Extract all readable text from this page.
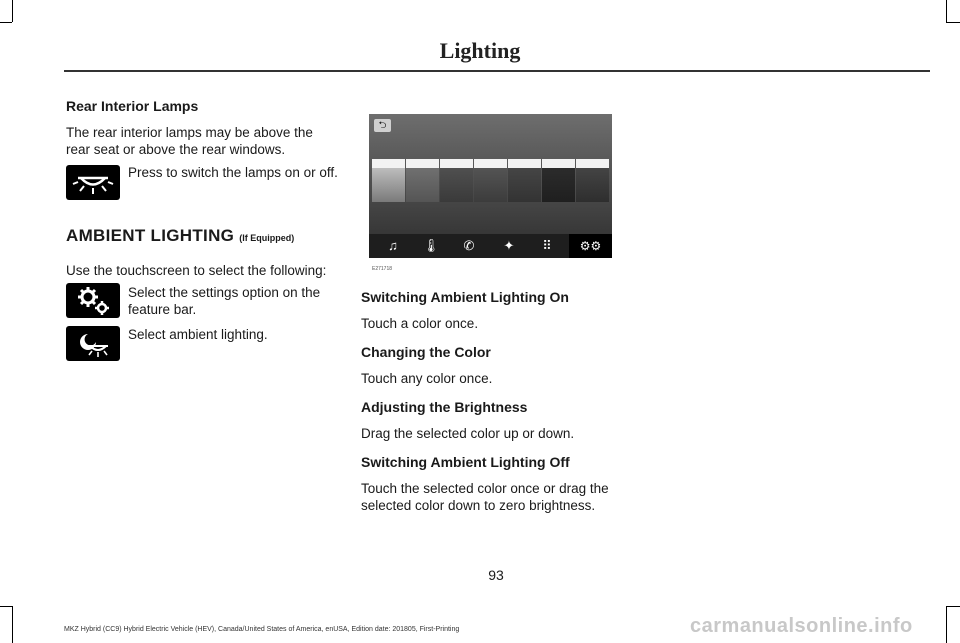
Lighting
Rear Interior Lamps

The rear interior lamps may be above the rear seat or above the rear windows.

Press to switch the lamps on or off.

AMBIENT LIGHTING (If Equipped)

Use the touchscreen to select the following:

Select the settings option on the feature bar.

Select ambient lighting.

⮌
♫	🌡︎	✆	✦	⠿	⚙⚙
E271718
Switching Ambient Lighting On

Touch a color once.

Changing the Color

Touch any color once.

Adjusting the Brightness

Drag the selected color up or down.

Switching Ambient Lighting Off

Touch the selected color once or drag the selected color down to zero brightness.

93
MKZ Hybrid (CC9) Hybrid Electric Vehicle (HEV), Canada/United States of America, enUSA, Edition date: 201805, First-Printing	carmanualsonline.info
